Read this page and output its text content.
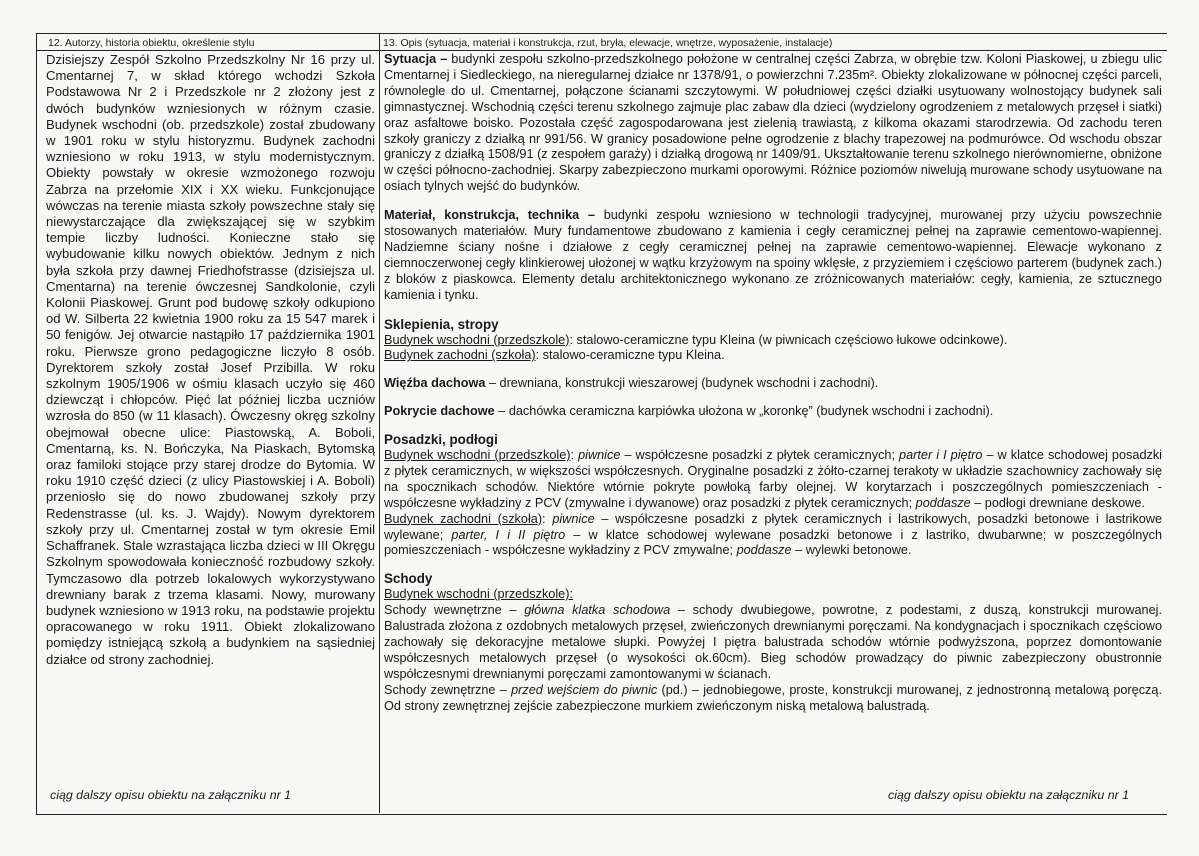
12. Autorzy, historia obiektu, określenie stylu	13. Opis (sytuacja, materiał i konstrukcja, rzut, bryła, elewacje, wnętrze, wyposażenie, instalacje)
Dzisiejszy Zespół Szkolno Przedszkolny Nr 16 przy ul. Cmentarnej 7, w skład którego wchodzi Szkoła Podstawowa Nr 2 i Przedszkole nr 2 złożony jest z dwóch budynków wzniesionych w różnym czasie. Budynek wschodni (ob. przedszkole) został zbudowany w 1901 roku w stylu historyzmu. Budynek zachodni wzniesiono w roku 1913, w stylu modernistycznym. Obiekty powstały w okresie wzmożonego rozwoju Zabrza na przełomie XIX i XX wieku. Funkcjonujące wówczas na terenie miasta szkoły powszechne stały się niewystarczające dla zwiększającej się w szybkim tempie liczby ludności. Konieczne stało się wybudowanie kilku nowych obiektów. Jednym z nich była szkoła przy dawnej Friedhofstrasse (dzisiejsza ul. Cmentarna) na terenie ówczesnej Sandkolonie, czyli Kolonii Piaskowej. Grunt pod budowę szkoły odkupiono od W. Silberta 22 kwietnia 1900 roku za 15 547 marek i 50 fenigów. Jej otwarcie nastąpiło 17 października 1901 roku. Pierwsze grono pedagogiczne liczyło 8 osób. Dyrektorem szkoły został Josef Przibilla. W roku szkolnym 1905/1906 w ośmiu klasach uczyło się 460 dziewcząt i chłopców. Pięć lat później liczba uczniów wzrosła do 850 (w 11 klasach). Ówczesny okręg szkolny obejmował obecne ulice: Piastowską, A. Boboli, Cmentarną, ks. N. Bończyka, Na Piaskach, Bytomską oraz familoki stojące przy starej drodze do Bytomia. W roku 1910 część dzieci (z ulicy Piastowskiej i A. Boboli) przeniosło się do nowo zbudowanej szkoły przy Redenstrasse (ul. ks. J. Wajdy). Nowym dyrektorem szkoły przy ul. Cmentarnej został w tym okresie Emil Schaffranek. Stale wzrastająca liczba dzieci w III Okręgu Szkolnym spowodowała konieczność rozbudowy szkoły. Tymczasowo dla potrzeb lokalowych wykorzystywano drewniany barak z trzema klasami. Nowy, murowany budynek wzniesiono w 1913 roku, na podstawie projektu opracowanego w roku 1911. Obiekt zlokalizowano pomiędzy istniejącą szkołą a budynkiem na sąsiedniej działce od strony zachodniej.

Sytuacja – budynki zespołu szkolno-przedszkolnego położone w centralnej części Zabrza, w obrębie tzw. Koloni Piaskowej, u zbiegu ulic Cmentarnej i Siedleckiego, na nieregularnej działce nr 1378/91, o powierzchni 7.235m². Obiekty zlokalizowane w północnej części parceli, równolegle do ul. Cmentarnej, połączone ścianami szczytowymi. W południowej części działki usytuowany wolnostojący budynek sali gimnastycznej. Wschodnią części terenu szkolnego zajmuje plac zabaw dla dzieci (wydzielony ogrodzeniem z metalowych przęseł i siatki) oraz asfaltowe boisko. Pozostała część zagospodarowana jest zielenią trawiastą, z kilkoma okazami starodrzewia. Od zachodu teren szkoły graniczy z działką nr 991/56. W granicy posadowione pełne ogrodzenie z blachy trapezowej na podmurówce. Od wschodu obszar graniczy z działką 1508/91 (z zespołem garaży) i działką drogową nr 1409/91. Ukształtowanie terenu szkolnego nierównomierne, obniżone w części północno-zachodniej. Skarpy zabezpieczono murkami oporowymi. Różnice poziomów niwelują murowane schody usytuowane na osiach tylnych wejść do budynków.

Materiał, konstrukcja, technika – budynki zespołu wzniesiono w technologii tradycyjnej, murowanej przy użyciu powszechnie stosowanych materiałów. Mury fundamentowe zbudowano z kamienia i cegły ceramicznej pełnej na zaprawie cementowo-wapiennej. Nadziemne ściany nośne i działowe z cegły ceramicznej pełnej na zaprawie cementowo-wapiennej. Elewacje wykonano z ciemnoczerwonej cegły klinkierowej ułożonej w wątku krzyżowym na spoiny wklęsłe, z przyziemiem i częściowo parterem (budynek zach.) z bloków z piaskowca. Elementy detalu architektonicznego wykonano ze zróżnicowanych materiałów: cegły, kamienia, ze sztucznego kamienia i tynku.

Sklepienia, stropy

Budynek wschodni (przedszkole): stalowo-ceramiczne typu Kleina (w piwnicach częściowo łukowe odcinkowe).

Budynek zachodni (szkoła): stalowo-ceramiczne typu Kleina.

Więźba dachowa – drewniana, konstrukcji wieszarowej (budynek wschodni i zachodni).

Pokrycie dachowe – dachówka ceramiczna karpiówka ułożona w „koronkę” (budynek wschodni i zachodni).

Posadzki, podłogi

Budynek wschodni (przedszkole): piwnice – współczesne posadzki z płytek ceramicznych; parter i I piętro – w klatce schodowej posadzki z płytek ceramicznych, w większości współczesnych. Oryginalne posadzki z żółto-czarnej terakoty w układzie szachownicy zachowały się na spocznikach schodów. Niektóre wtórnie pokryte powłoką farby olejnej. W korytarzach i poszczególnych pomieszczeniach - współczesne wykładziny z PCV (zmywalne i dywanowe) oraz posadzki z płytek ceramicznych; poddasze – podłogi drewniane deskowe.

Budynek zachodni (szkoła): piwnice – współczesne posadzki z płytek ceramicznych i lastrikowych, posadzki betonowe i lastrikowe wylewane; parter, I i II piętro – w klatce schodowej wylewane posadzki betonowe i z lastriko, dwubarwne; w poszczególnych pomieszczeniach - współczesne wykładziny z PCV zmywalne; poddasze – wylewki betonowe.

Schody

Budynek wschodni (przedszkole):

Schody wewnętrzne – główna klatka schodowa – schody dwubiegowe, powrotne, z podestami, z duszą, konstrukcji murowanej. Balustrada złożona z ozdobnych metalowych przęseł, zwieńczonych drewnianymi poręczami. Na kondygnacjach i spocznikach częściowo zachowały się dekoracyjne metalowe słupki. Powyżej I piętra balustrada schodów wtórnie podwyższona, poprzez domontowanie współczesnych metalowych przęseł (o wysokości ok.60cm). Bieg schodów prowadzący do piwnic zabezpieczony obustronnie współczesnymi drewnianymi poręczami zamontowanymi w ścianach.

Schody zewnętrzne – przed wejściem do piwnic (pd.) – jednobiegowe, proste, konstrukcji murowanej, z jednostronną metalową poręczą. Od strony zewnętrznej zejście zabezpieczone murkiem zwieńczonym niską metalową balustradą.

ciąg dalszy opisu obiektu na załączniku nr 1	ciąg dalszy opisu obiektu na załączniku nr 1
